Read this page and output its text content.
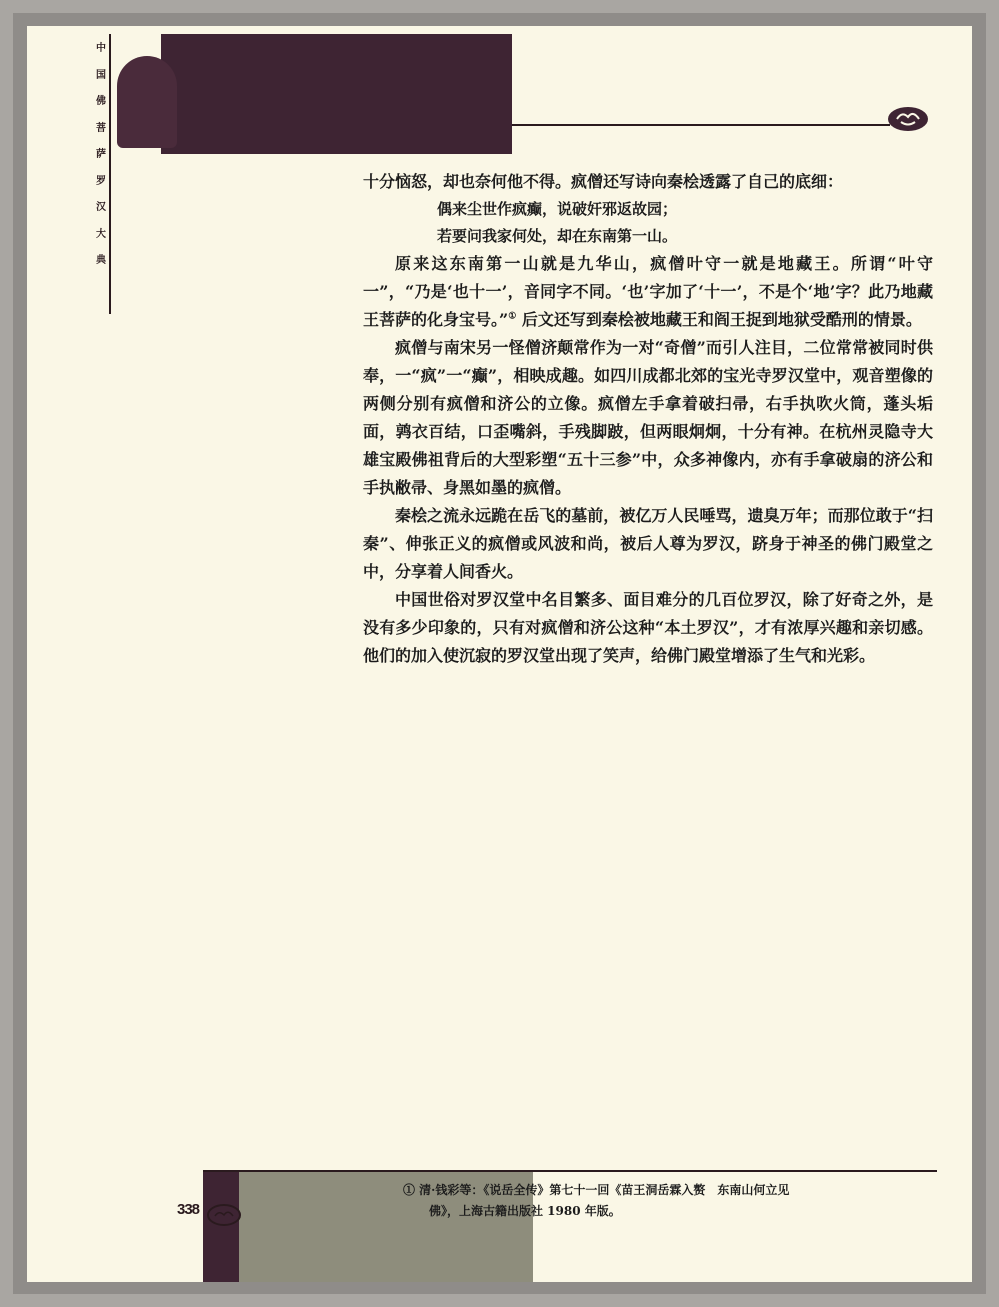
中
国
佛
菩
萨
罗
汉
大
典

十分恼怒，却也奈何他不得。疯僧还写诗向秦桧透露了自己的底细：

偶来尘世作疯癫，说破奸邪返故园；
若要问我家何处，却在东南第一山。

原来这东南第一山就是九华山，疯僧叶守一就是地藏王。所谓“叶守一”，“乃是‘也十一’，音同字不同。‘也’字加了‘十一’，不是个‘地’字？此乃地藏王菩萨的化身宝号。”① 后文还写到秦桧被地藏王和阎王捉到地狱受酷刑的情景。

疯僧与南宋另一怪僧济颠常作为一对“奇僧”而引人注目，二位常常被同时供奉，一“疯”一“癫”，相映成趣。如四川成都北郊的宝光寺罗汉堂中，观音塑像的两侧分别有疯僧和济公的立像。疯僧左手拿着破扫帚，右手执吹火筒，蓬头垢面，鹑衣百结，口歪嘴斜，手残脚跛，但两眼炯炯，十分有神。在杭州灵隐寺大雄宝殿佛祖背后的大型彩塑“五十三参”中，众多神像内，亦有手拿破扇的济公和手执敝帚、身黑如墨的疯僧。

秦桧之流永远跪在岳飞的墓前，被亿万人民唾骂，遗臭万年；而那位敢于“扫秦”、伸张正义的疯僧或风波和尚，被后人尊为罗汉，跻身于神圣的佛门殿堂之中，分享着人间香火。

中国世俗对罗汉堂中名目繁多、面目难分的几百位罗汉，除了好奇之外，是没有多少印象的，只有对疯僧和济公这种“本土罗汉”，才有浓厚兴趣和亲切感。他们的加入使沉寂的罗汉堂出现了笑声，给佛门殿堂增添了生气和光彩。

338
① 清·钱彩等：《说岳全传》第七十一回《苗王洞岳霖入赘　东南山何立见
佛》，上海古籍出版社 1980 年版。
